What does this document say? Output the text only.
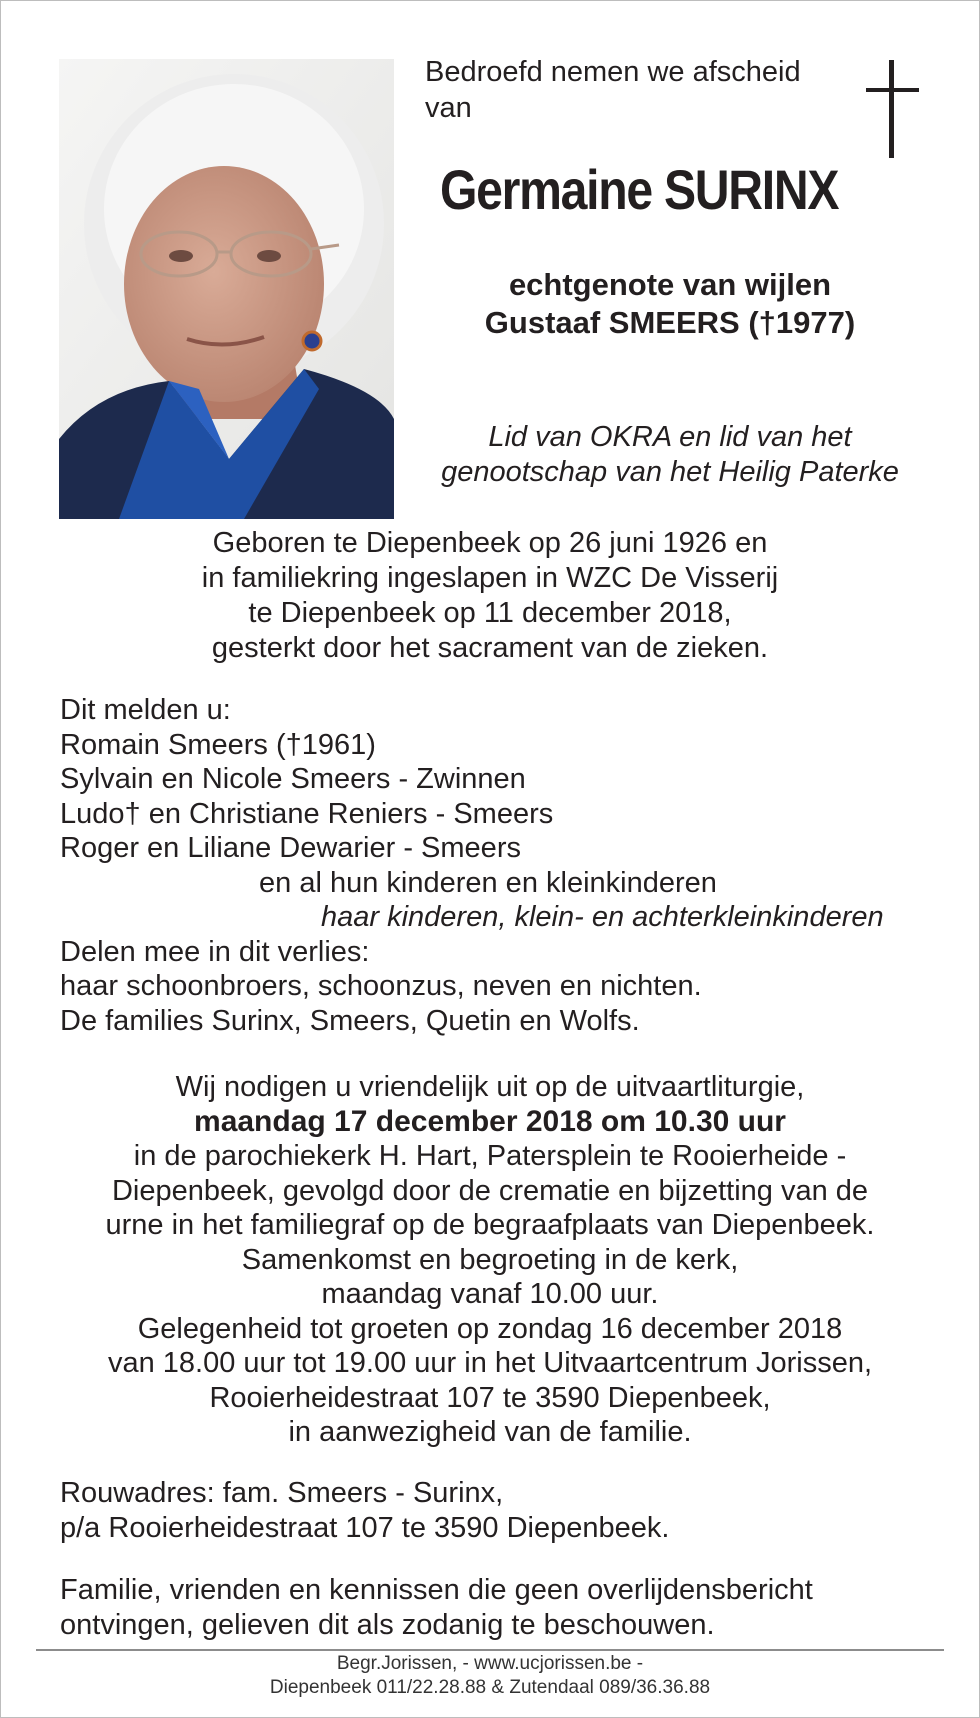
Bedroefd nemen we afscheid
van
Germaine SURINX
echtgenote van wijlen
Gustaaf SMEERS (†1977)
Lid van OKRA en lid van het
genootschap van het Heilig Paterke
Geboren te Diepenbeek op 26 juni 1926 en
in familiekring ingeslapen in WZC De Visserij
te Diepenbeek op 11 december 2018,
gesterkt door het sacrament van de zieken.
Dit melden u:
Romain Smeers (†1961)
Sylvain en Nicole Smeers - Zwinnen
Ludo† en Christiane Reniers - Smeers
Roger en Liliane Dewarier - Smeers
en al hun kinderen en kleinkinderen
haar kinderen, klein- en achterkleinkinderen
Delen mee in dit verlies:
haar schoonbroers, schoonzus, neven en nichten.
De families Surinx, Smeers, Quetin en Wolfs.
Wij nodigen u vriendelijk uit op de uitvaartliturgie,
maandag 17 december 2018 om 10.30 uur
in de parochiekerk H. Hart, Patersplein te Rooierheide -
Diepenbeek, gevolgd door de crematie en bijzetting van de
urne in het familiegraf op de begraafplaats van Diepenbeek.
Samenkomst en begroeting in de kerk,
maandag vanaf 10.00 uur.
Gelegenheid tot groeten op zondag 16 december 2018
van 18.00 uur tot 19.00 uur in het Uitvaartcentrum Jorissen,
Rooierheidestraat 107 te 3590 Diepenbeek,
in aanwezigheid van de familie.
Rouwadres: fam. Smeers - Surinx,
p/a Rooierheidestraat 107 te 3590 Diepenbeek.
Familie, vrienden en kennissen die geen overlijdensbericht
ontvingen, gelieven dit als zodanig te beschouwen.
Begr.Jorissen, - www.ucjorissen.be -
Diepenbeek 011/22.28.88 & Zutendaal 089/36.36.88
